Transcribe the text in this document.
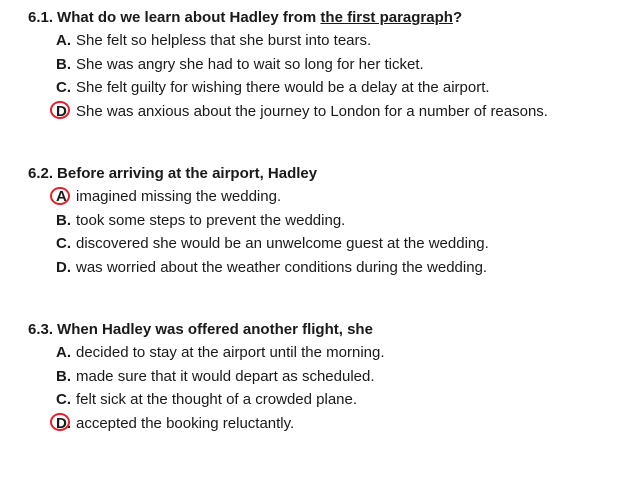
6.1. What do we learn about Hadley from the first paragraph?
A. She felt so helpless that she burst into tears.
B. She was angry she had to wait so long for her ticket.
C. She felt guilty for wishing there would be a delay at the airport.
D She was anxious about the journey to London for a number of reasons.
6.2. Before arriving at the airport, Hadley
A imagined missing the wedding.
B. took some steps to prevent the wedding.
C. discovered she would be an unwelcome guest at the wedding.
D. was worried about the weather conditions during the wedding.
6.3. When Hadley was offered another flight, she
A. decided to stay at the airport until the morning.
B. made sure that it would depart as scheduled.
C. felt sick at the thought of a crowded plane.
D. accepted the booking reluctantly.
